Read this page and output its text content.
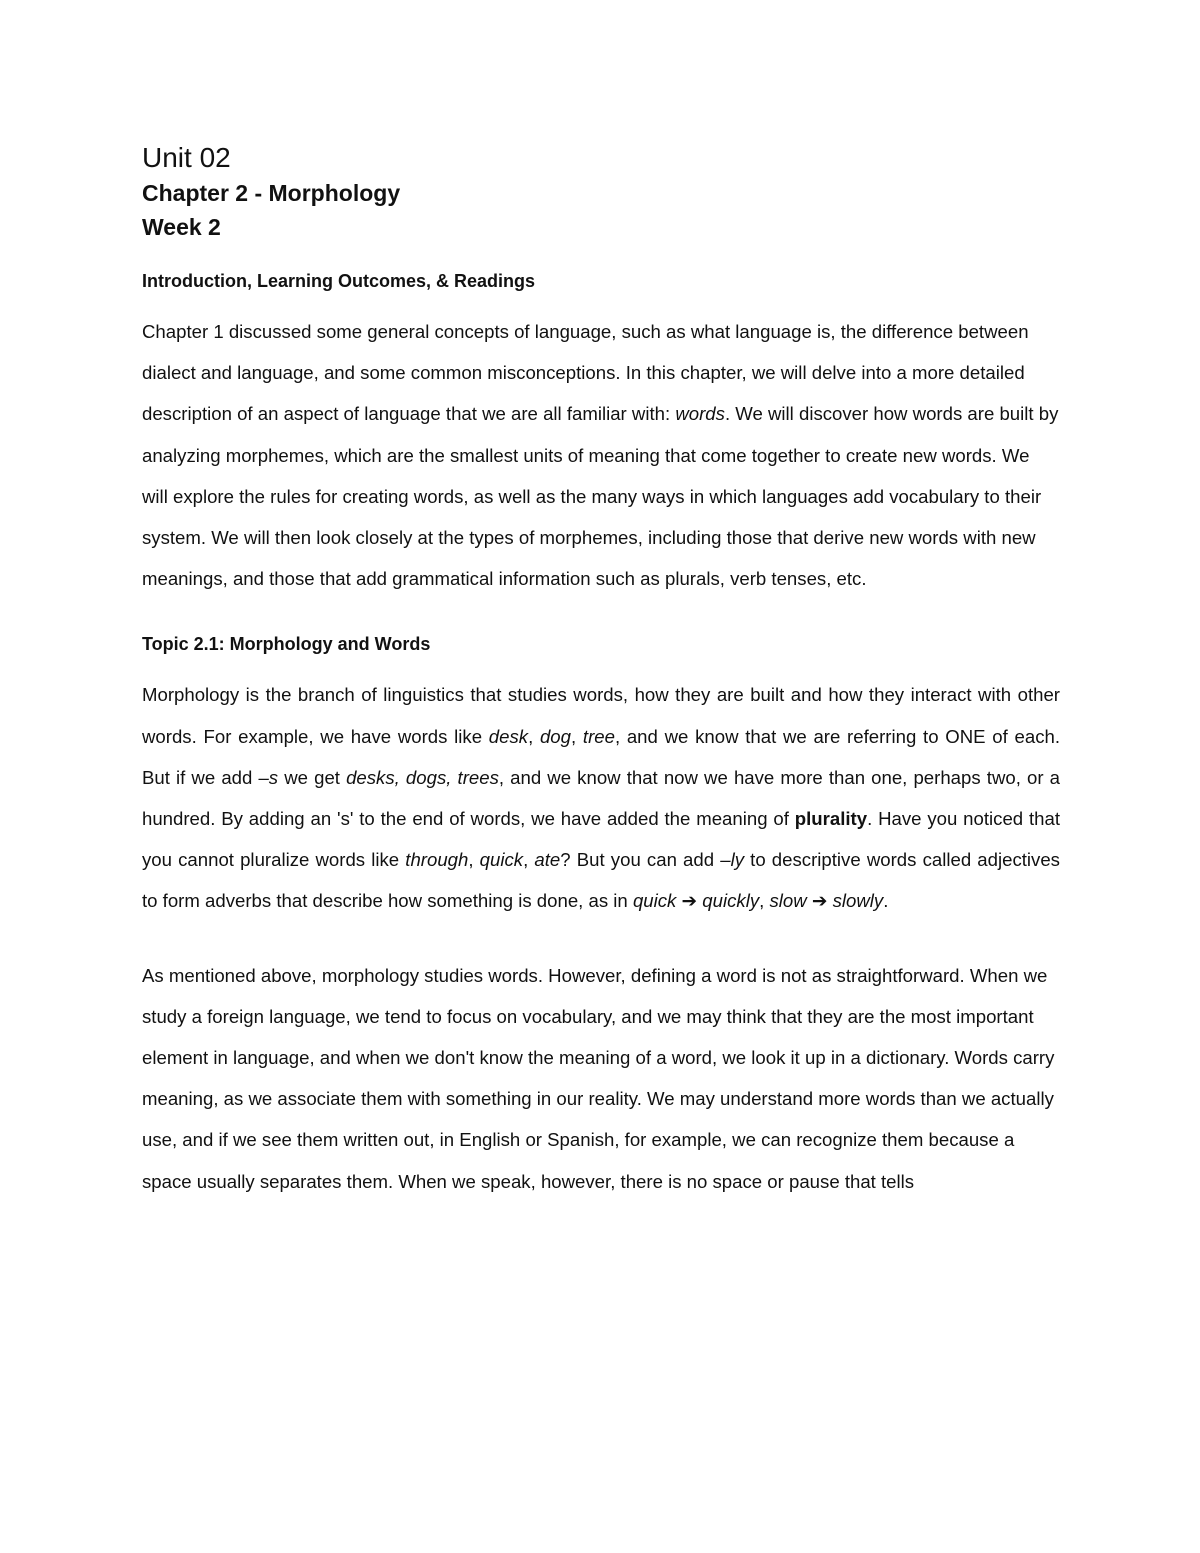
Unit 02
Chapter 2 - Morphology
Week 2
Introduction, Learning Outcomes, & Readings

Chapter 1 discussed some general concepts of language, such as what language is, the difference between dialect and language, and some common misconceptions. In this chapter, we will delve into a more detailed description of an aspect of language that we are all familiar with: words. We will discover how words are built by analyzing morphemes, which are the smallest units of meaning that come together to create new words. We will explore the rules for creating words, as well as the many ways in which languages add vocabulary to their system. We will then look closely at the types of morphemes, including those that derive new words with new meanings, and those that add grammatical information such as plurals, verb tenses, etc.

Topic 2.1: Morphology and Words

Morphology is the branch of linguistics that studies words, how they are built and how they interact with other words. For example, we have words like desk, dog, tree, and we know that we are referring to ONE of each. But if we add –s we get desks, dogs, trees, and we know that now we have more than one, perhaps two, or a hundred. By adding an 's' to the end of words, we have added the meaning of plurality. Have you noticed that you cannot pluralize words like through, quick, ate? But you can add –ly to descriptive words called adjectives to form adverbs that describe how something is done, as in quick ➔ quickly, slow ➔ slowly.

As mentioned above, morphology studies words. However, defining a word is not as straightforward. When we study a foreign language, we tend to focus on vocabulary, and we may think that they are the most important element in language, and when we don't know the meaning of a word, we look it up in a dictionary. Words carry meaning, as we associate them with something in our reality. We may understand more words than we actually use, and if we see them written out, in English or Spanish, for example, we can recognize them because a space usually separates them. When we speak, however, there is no space or pause that tells
